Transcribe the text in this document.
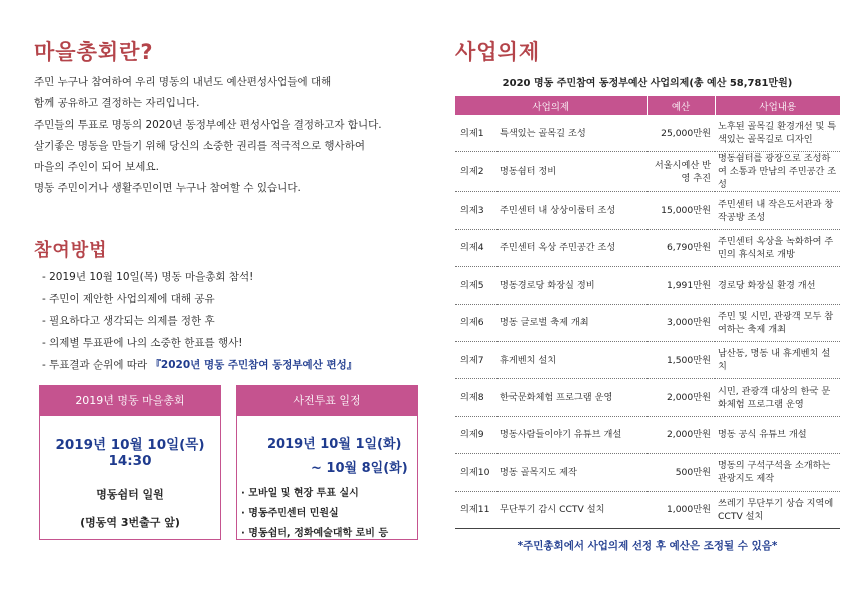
마을총회란?
주민 누구나 참여하여 우리 명동의 내년도 예산편성사업들에 대해
함께 공유하고 결정하는 자리입니다.
주민들의 투표로 명동의 2020년 동정부예산 편성사업을 결정하고자 합니다.
살기좋은 명동을 만들기 위해 당신의 소중한 권리를 적극적으로 행사하여
마을의 주인이 되어 보세요.
명동 주민이거나 생활주민이면 누구나 참여할 수 있습니다.
참여방법
- 2019년 10월 10일(목) 명동 마을총회 참석!
- 주민이 제안한 사업의제에 대해 공유
- 필요하다고 생각되는 의제를 정한 후
- 의제별 투표판에 나의 소중한 한표를 행사!
- 투표결과 순위에 따라 『2020년 명동 주민참여 동정부예산 편성』
2019년 명동 마을총회
2019년 10월 10일(목) 14:30
명동쉼터 일원
(명동역 3번출구 앞)
사전투표 일정
2019년 10월 1일(화)
~ 10월 8일(화)
· 모바일 및 현장 투표 실시
· 명동주민센터 민원실
· 명동쉼터, 정화예술대학 로비 등
사업의제
2020 명동 주민참여 동정부예산 사업의제(총 예산 58,781만원)
사업의제		예산	사업내용
의제1	특색있는 골목길 조성	25,000만원	노후된 골목길 환경개선 및 특색있는 골목길로 디자인
의제2	명동쉼터 정비	서울시예산 반영 추진	명동쉼터를 광장으로 조성하여 소통과 만남의 주민공간 조성
의제3	주민센터 내 상상이룸터 조성	15,000만원	주민센터 내 작은도서관과 창작공방 조성
의제4	주민센터 옥상 주민공간 조성	6,790만원	주민센터 옥상을 녹화하여 주민의 휴식처로 개방
의제5	명동경로당 화장실 정비	1,991만원	경로당 화장실 환경 개선
의제6	명동 글로벌 축제 개최	3,000만원	주민 및 시민, 관광객 모두 참여하는 축제 개최
의제7	휴게벤치 설치	1,500만원	남산동, 명동 내 휴게벤치 설치
의제8	한국문화체험 프로그램 운영	2,000만원	시민, 관광객 대상의 한국 문화체험 프로그램 운영
의제9	명동사람들이야기 유튜브 개설	2,000만원	명동 공식 유튜브 개설
의제10	명동 골목지도 제작	500만원	명동의 구석구석을 소개하는 관광지도 제작
의제11	무단투기 감시 CCTV 설치	1,000만원	쓰레기 무단투기 상습 지역에 CCTV 설치
*주민총회에서 사업의제 선정 후 예산은 조정될 수 있음*
